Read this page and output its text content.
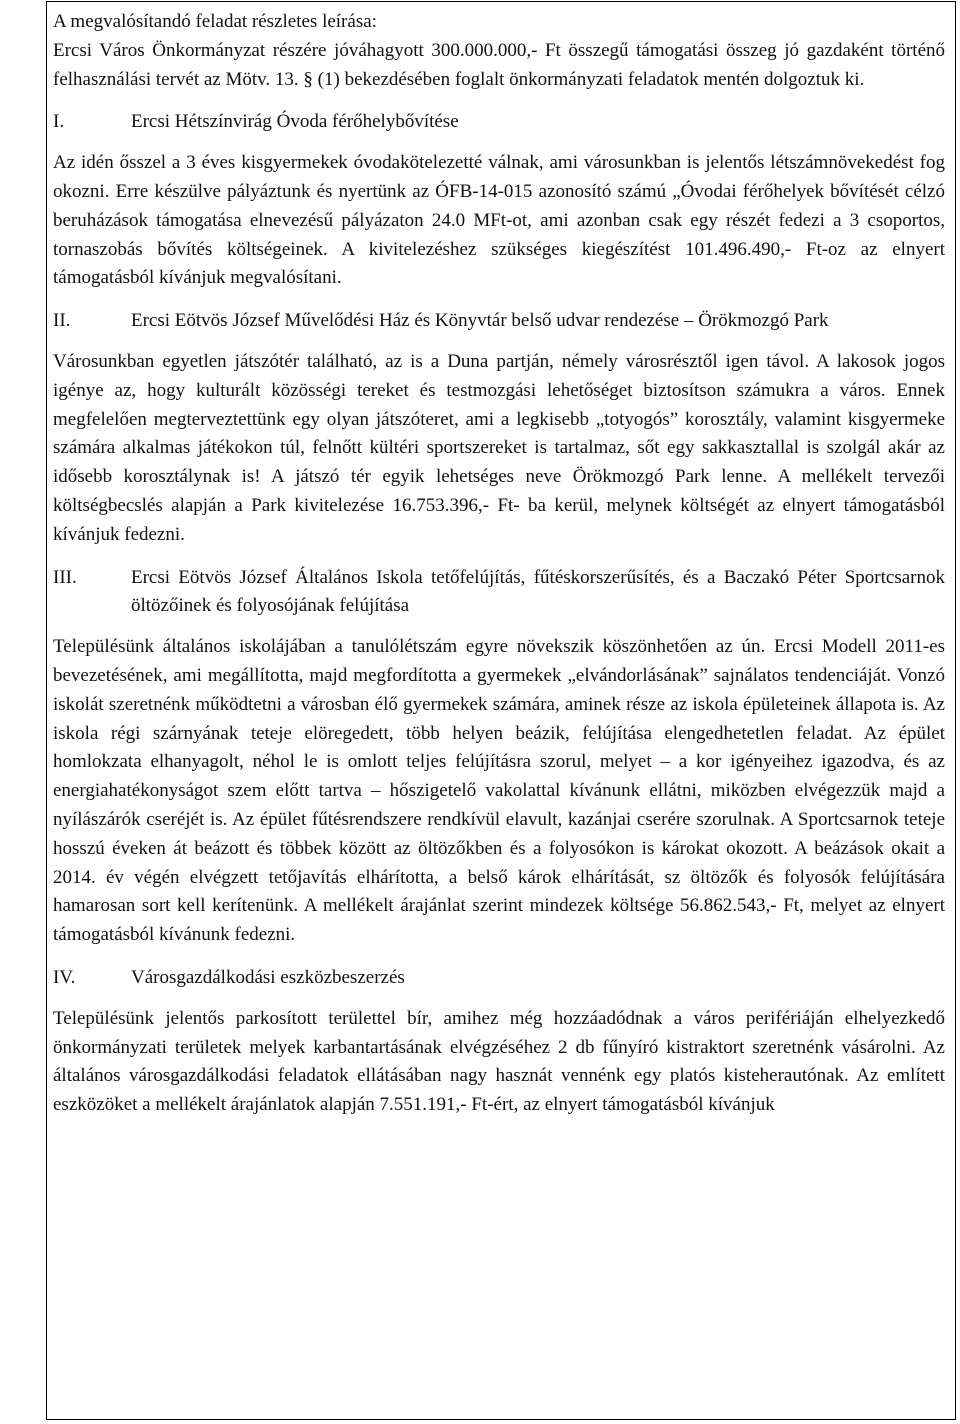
A megvalósítandó feladat részletes leírása:

Ercsi Város Önkormányzat részére jóváhagyott 300.000.000,- Ft összegű támogatási összeg jó gazdaként történő felhasználási tervét az Mötv. 13. § (1) bekezdésében foglalt önkormányzati feladatok mentén dolgoztuk ki.

I.	Ercsi Hétszínvirág Óvoda férőhelybővítése

Az idén ősszel a 3 éves kisgyermekek óvodakötelezetté válnak, ami városunkban is jelentős létszámnövekedést fog okozni. Erre készülve pályáztunk és nyertünk az ÓFB-14-015 azonosító számú „Óvodai férőhelyek bővítését célzó beruházások támogatása elnevezésű pályázaton 24.0 MFt-ot, ami azonban csak egy részét fedezi a 3 csoportos, tornaszobás bővítés költségeinek. A kivitelezéshez szükséges kiegészítést 101.496.490,- Ft-oz az elnyert támogatásból kívánjuk megvalósítani.

II.	Ercsi Eötvös József Művelődési Ház és Könyvtár belső udvar rendezése – Örökmozgó Park

Városunkban egyetlen játszótér található, az is a Duna partján, némely városrésztől igen távol. A lakosok jogos igénye az, hogy kulturált közösségi tereket és testmozgási lehetőséget biztosítson számukra a város. Ennek megfelelően megterveztettünk egy olyan játszóteret, ami a legkisebb „totyogós” korosztály, valamint kisgyermeke számára alkalmas játékokon túl, felnőtt kültéri sportszereket is tartalmaz, sőt egy sakkasztallal is szolgál akár az idősebb korosztálynak is! A játszó tér egyik lehetséges neve Örökmozgó Park lenne. A mellékelt tervezői költségbecslés alapján a Park kivitelezése 16.753.396,- Ft- ba kerül, melynek költségét az elnyert támogatásból kívánjuk fedezni.

III.	Ercsi Eötvös József Általános Iskola tetőfelújítás, fűtéskorszerűsítés, és a Baczakó Péter Sportcsarnok öltözőinek és folyosójának felújítása

Településünk általános iskolájában a tanulólétszám egyre növekszik köszönhetően az ún. Ercsi Modell 2011-es bevezetésének, ami megállította, majd megfordította a gyermekek „elvándorlásának” sajnálatos tendenciáját. Vonzó iskolát szeretnénk működtetni a városban élő gyermekek számára, aminek része az iskola épületeinek állapota is. Az iskola régi szárnyának teteje elöregedett, több helyen beázik, felújítása elengedhetetlen feladat. Az épület homlokzata elhanyagolt, néhol le is omlott teljes felújításra szorul, melyet – a kor igényeihez igazodva, és az energiahatékonyságot szem előtt tartva – hőszigetelő vakolattal kívánunk ellátni, miközben elvégezzük majd a nyílászárók cseréjét is. Az épület fűtésrendszere rendkívül elavult, kazánjai cserére szorulnak. A Sportcsarnok teteje hosszú éveken át beázott és többek között az öltözőkben és a folyosókon is károkat okozott. A beázások okait a 2014. év végén elvégzett tetőjavítás elhárította, a belső károk elhárítását, sz öltözők és folyosók felújítására hamarosan sort kell kerítenünk. A mellékelt árajánlat szerint mindezek költsége 56.862.543,- Ft, melyet az elnyert támogatásból kívánunk fedezni.

IV.	Városgazdálkodási eszközbeszerzés

Településünk jelentős parkosított területtel bír, amihez még hozzáadódnak a város perifériáján elhelyezkedő önkormányzati területek melyek karbantartásának elvégzéséhez 2 db fűnyíró kistraktort szeretnénk vásárolni. Az általános városgazdálkodási feladatok ellátásában nagy hasznát vennénk egy platós kisteherautónak. Az említett eszközöket a mellékelt árajánlatok alapján 7.551.191,- Ft-ért, az elnyert támogatásból kívánjuk
